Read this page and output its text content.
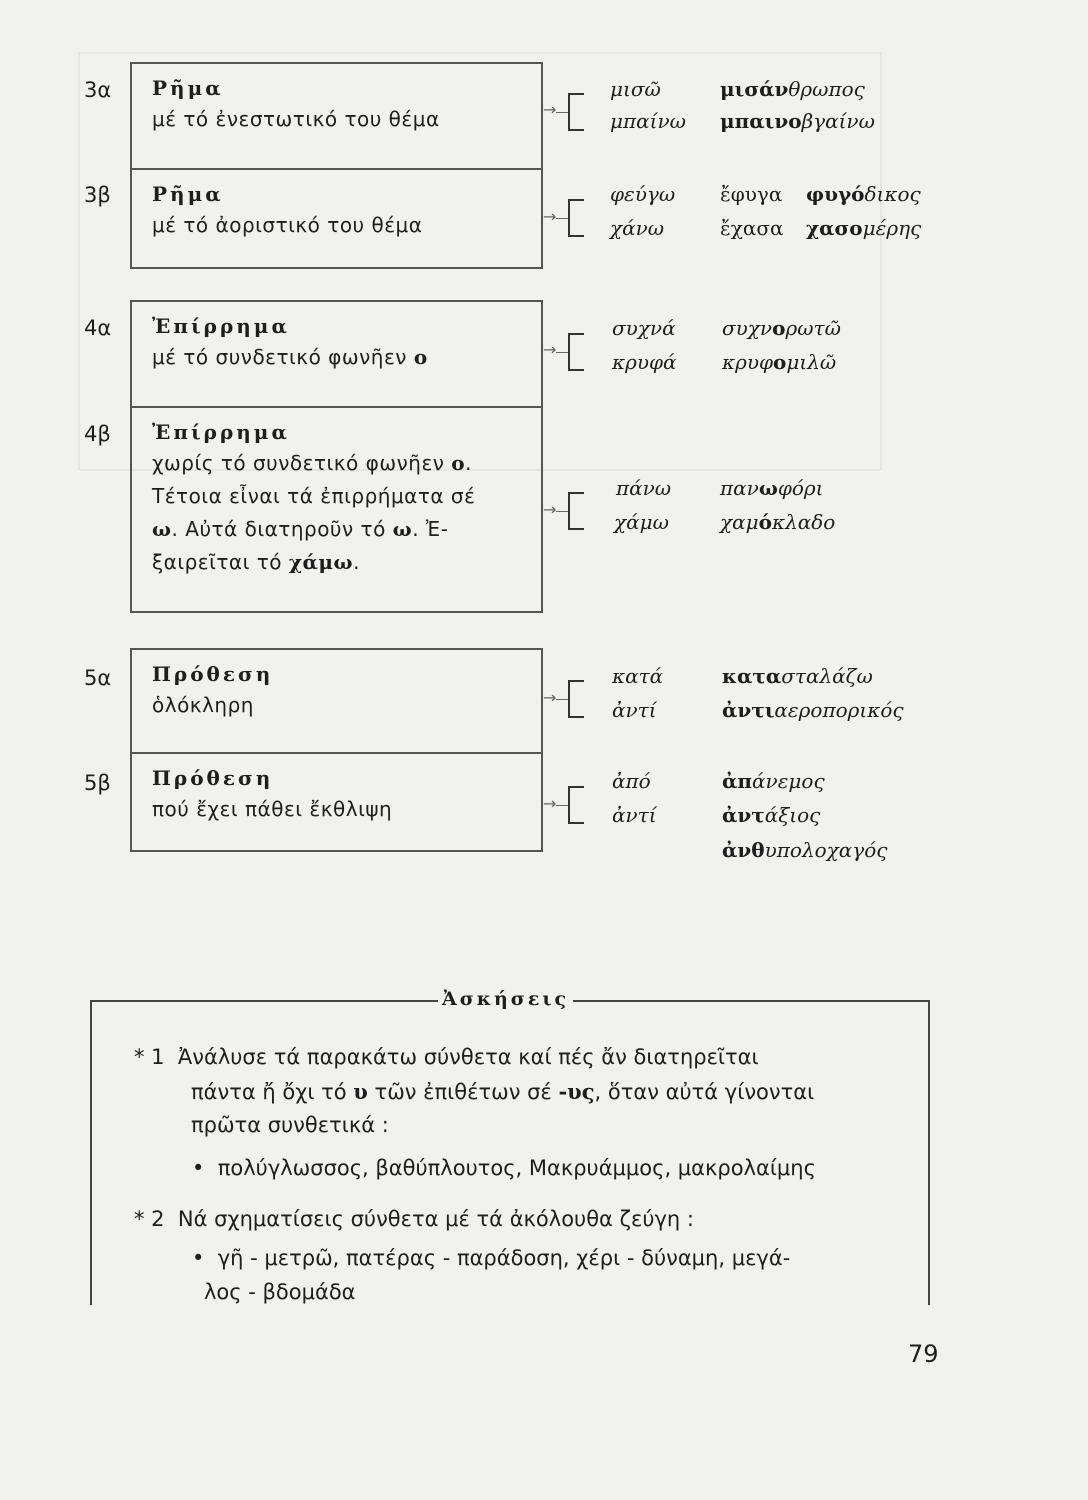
3α
3β
4α
4β
5α
5β
Ρῆμα
μέ τό ἐνεστωτικό του θέμα
Ρῆμα
μέ τό ἀοριστικό του θέμα
Ἐπίρρημα
μέ τό συνδετικό φωνῆεν ο
Ἐπίρρημα
χωρίς τό συνδετικό φωνῆεν ο.
Τέτοια εἶναι τά ἐπιρρήματα σέ
ω. Αὐτά διατηροῦν τό ω. Ἐ-
ξαιρεῖται τό χάμω.
Πρόθεση
ὁλόκληρη
Πρόθεση
πού ἔχει πάθει ἔκθλιψη
→
→
→
→
→
→
μισῶ
μπαίνω
φεύγω
χάνω
συχνά
κρυφά
πάνω
χάμω
κατά
ἀντί
ἀπό
ἀντί
ἔφυγα
ἔχασα
μισάνθρωπος
μπαινοβγαίνω
φυγόδικος
χασομέρης
συχνορωτῶ
κρυφομιλῶ
πανωφόρι
χαμόκλαδο
κατασταλάζω
ἀντιαεροπορικός
ἀπάνεμος
ἀντάξιος
ἀνθυπολοχαγός
Ἀσκήσεις
* 1 Ἀνάλυσε τά παρακάτω σύνθετα καί πές ἄν διατηρεῖται
πάντα ἤ ὄχι τό υ τῶν ἐπιθέτων σέ -υς, ὅταν αὐτά γίνονται
πρῶτα συνθετικά :
• πολύγλωσσος, βαθύπλουτος, Μακρυάμμος, μακρολαίμης
* 2 Νά σχηματίσεις σύνθετα μέ τά ἀκόλουθα ζεύγη :
• γῆ - μετρῶ, πατέρας - παράδοση, χέρι - δύναμη, μεγά-
λος - βδομάδα
79
